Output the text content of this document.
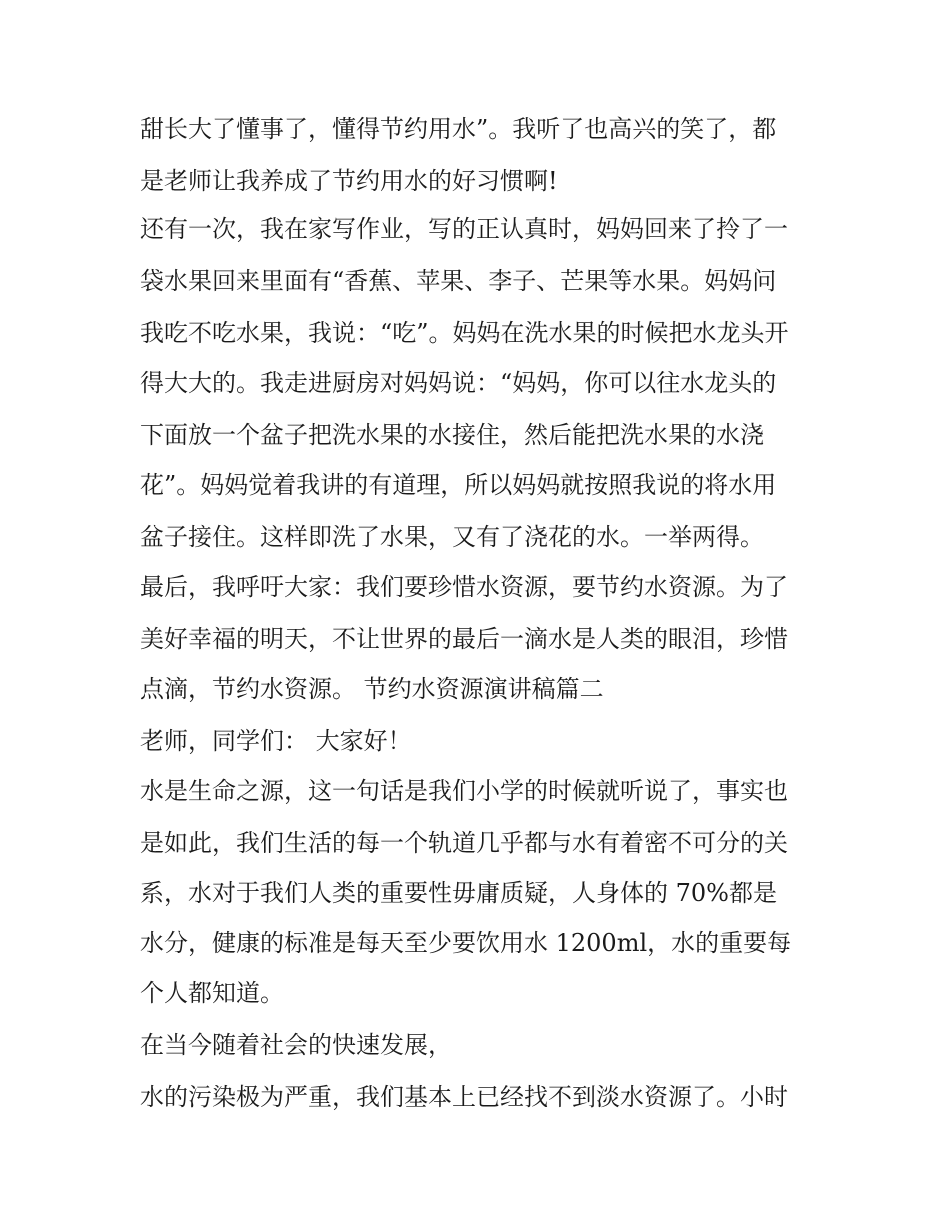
甜长大了懂事了，懂得节约用水”。我听了也高兴的笑了，都
是老师让我养成了节约用水的好习惯啊!
还有一次，我在家写作业，写的正认真时，妈妈回来了拎了一
袋水果回来里面有“香蕉、苹果、李子、芒果等水果。妈妈问
我吃不吃水果，我说：“吃”。妈妈在洗水果的时候把水龙头开
得大大的。我走进厨房对妈妈说：“妈妈，你可以往水龙头的
下面放一个盆子把洗水果的水接住，然后能把洗水果的水浇
花”。妈妈觉着我讲的有道理，所以妈妈就按照我说的将水用
盆子接住。这样即洗了水果，又有了浇花的水。一举两得。
最后，我呼吁大家：我们要珍惜水资源，要节约水资源。为了
美好幸福的明天，不让世界的最后一滴水是人类的眼泪，珍惜
点滴，节约水资源。 节约水资源演讲稿篇二
老师，同学们： 大家好！
水是生命之源，这一句话是我们小学的时候就听说了，事实也
是如此，我们生活的每一个轨道几乎都与水有着密不可分的关
系，水对于我们人类的重要性毋庸质疑，人身体的 70%都是
水分，健康的标准是每天至少要饮用水 1200ml，水的重要每
个人都知道。
在当今随着社会的快速发展，
水的污染极为严重，我们基本上已经找不到淡水资源了。小时
